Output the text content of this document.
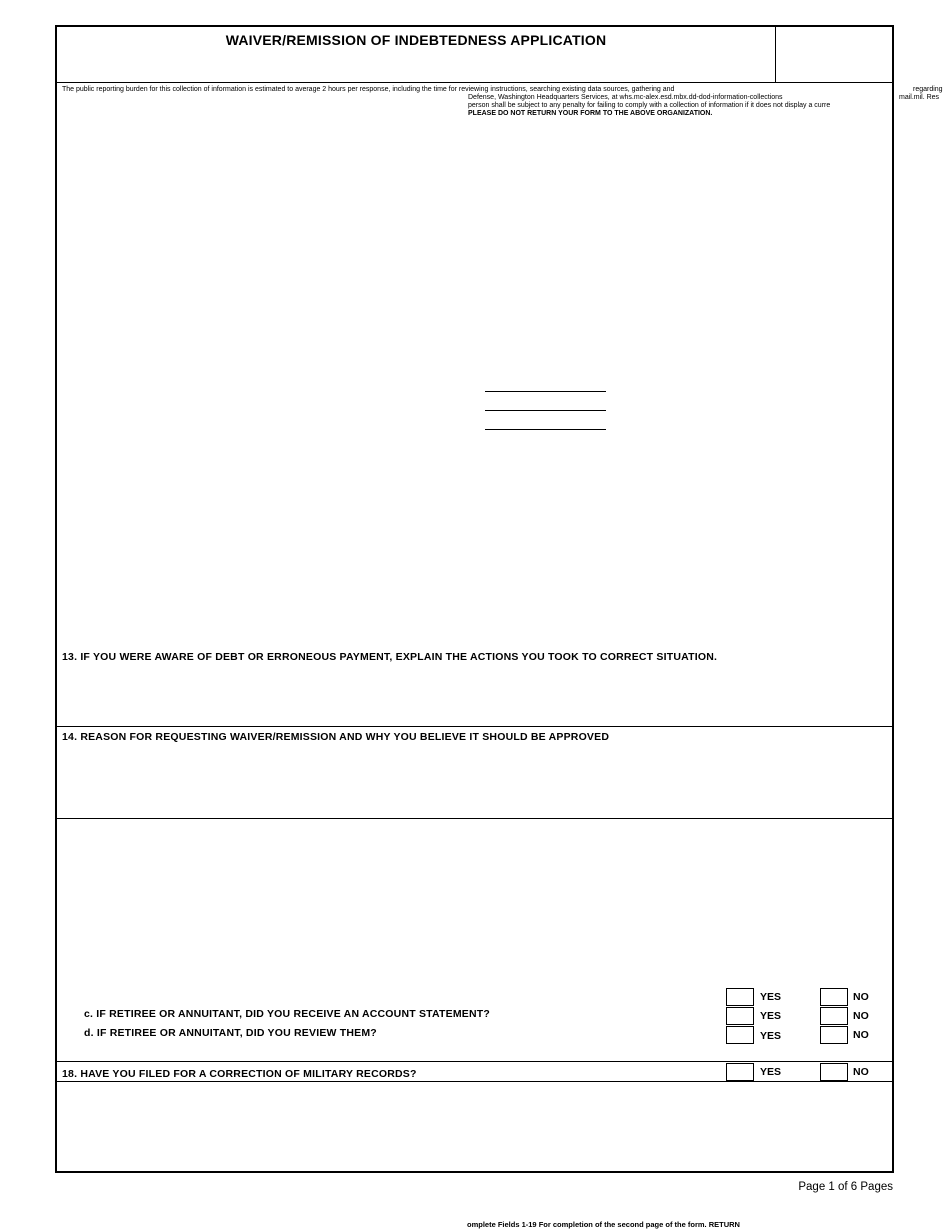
WAIVER/REMISSION OF INDEBTEDNESS APPLICATION
The public reporting burden for this collection of information is estimated to average 2 hours per response, including the time for reviewing instructions, searching existing data sources, gathering and	regarding
Defense, Washington Headquarters Services, at whs.mc-alex.esd.mbx.dd-dod-information-collections	mail.mil. Res
person shall be subject to any penalty for failing to comply with a collection of information if it does not display a curre
PLEASE DO NOT RETURN YOUR FORM TO THE ABOVE ORGANIZATION.
13. IF YOU WERE AWARE OF DEBT OR ERRONEOUS PAYMENT, EXPLAIN THE ACTIONS YOU TOOK TO CORRECT SITUATION.
14. REASON FOR REQUESTING WAIVER/REMISSION AND WHY YOU BELIEVE IT SHOULD BE APPROVED
YES	NO
c. IF RETIREE OR ANNUITANT, DID YOU RECEIVE AN ACCOUNT STATEMENT?	YES	NO
d. IF RETIREE OR ANNUITANT, DID YOU REVIEW THEM?	YES	NO
18. HAVE YOU FILED FOR A CORRECTION OF MILITARY RECORDS?	YES	NO
Page 1 of 6 Pages
omplete Fields 1-19 For completion of the second page of the form. RETURN
